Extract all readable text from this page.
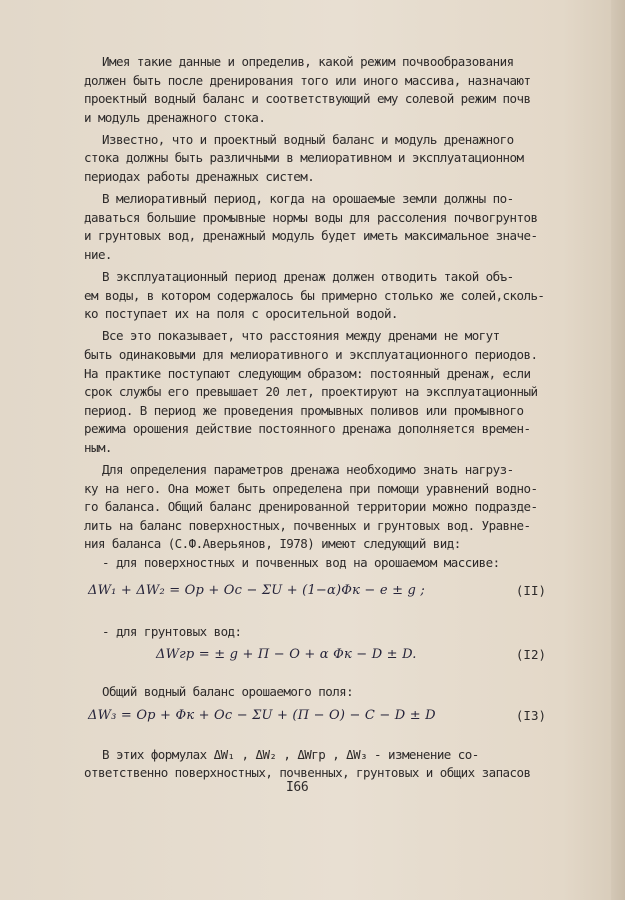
Имея такие данные и определив, какой режим почвообразования
должен быть после дренирования того или иного массива, назначают
проектный водный баланс и соответствующий ему солевой режим почв
и модуль дренажного стока.
Известно, что и проектный водный баланс и модуль дренажного
стока должны быть различными в мелиоративном и эксплуатационном
периодах работы дренажных систем.
В мелиоративный период, когда на орошаемые земли должны по-
даваться большие промывные нормы воды для рассоления почвогрунтов
и грунтовых вод, дренажный модуль будет иметь максимальное значе-
ние.
В эксплуатационный период дренаж должен отводить такой объ-
ем воды, в котором содержалось бы примерно столько же солей,сколь-
ко поступает их на поля с оросительной водой.
Все это показывает, что расстояния между дренами не могут
быть одинаковыми для мелиоративного и эксплуатационного периодов.
На практике поступают следующим образом: постоянный дренаж, если
срок службы его превышает 20 лет, проектируют на эксплуатационный
период. В период же проведения промывных поливов или промывного
режима орошения действие постоянного дренажа дополняется времен-
ным.
Для определения параметров дренажа необходимо знать нагруз-
ку на него. Она может быть определена при помощи уравнений водно-
го баланса. Общий баланс дренированной территории можно подразде-
лить на баланс поверхностных, почвенных и грунтовых вод. Уравне-
ния баланса (С.Ф.Аверьянов, I978) имеют следующий вид:
- для поверхностных и почвенных вод на орошаемом массиве:
ΔW₁ + ΔW₂ = Oр + Oс − ΣU + (1−α)Φк − e ± g ;	(II)
- для грунтовых вод:
ΔWгр = ± g + П − O + α Φк − D ± D.	(I2)
Общий водный баланс орошаемого поля:
ΔW₃ = Oр + Φк + Oс − ΣU + (П − O) − C − D ± D	(I3)
В этих формулах ΔW₁ , ΔW₂ , ΔWгр , ΔW₃ - изменение со-
ответственно поверхностных, почвенных, грунтовых и общих запасов
I66
